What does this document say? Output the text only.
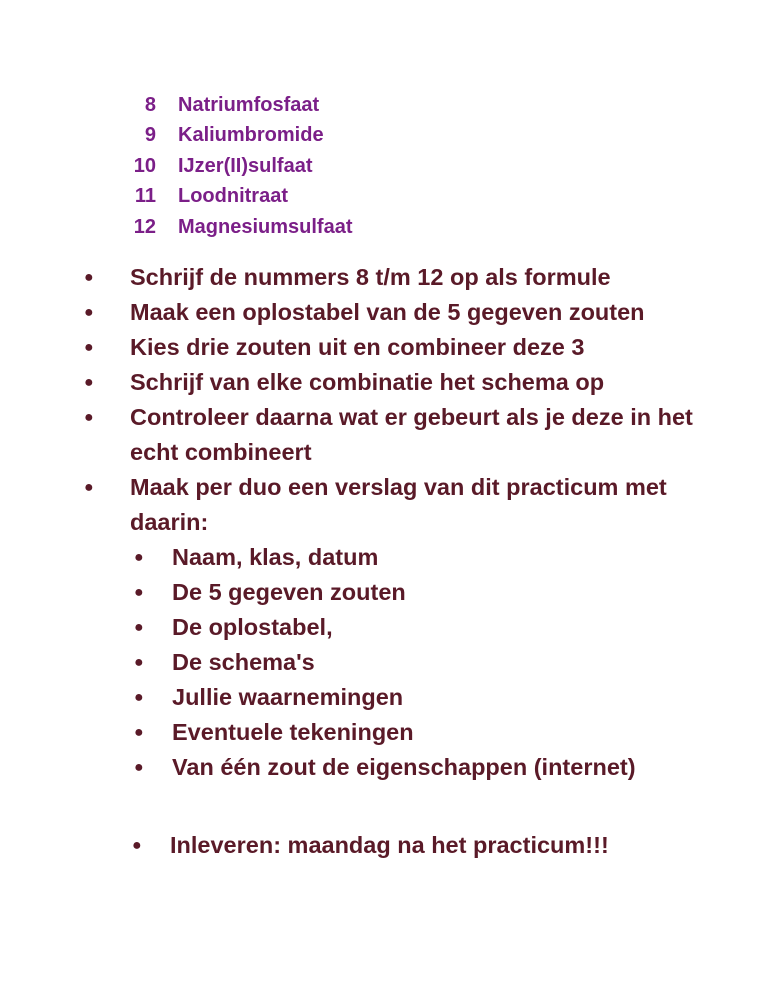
8	Natriumfosfaat
9	Kaliumbromide
10	IJzer(II)sulfaat
11	Loodnitraat
12	Magnesiumsulfaat
●	Schrijf de nummers 8 t/m 12 op als formule
●	Maak een oplostabel van de 5 gegeven zouten
●	Kies drie zouten uit en combineer deze 3
●	Schrijf van elke combinatie het schema op
●	Controleer daarna wat er gebeurt als je deze in het echt combineert
●	Maak per duo een verslag van dit practicum met daarin:
●	Naam, klas, datum
●	De 5 gegeven zouten
●	De oplostabel,
●	De schema's
●	Jullie waarnemingen
●	Eventuele tekeningen
●	Van één zout de eigenschappen (internet)
●	Inleveren: maandag na het practicum!!!
